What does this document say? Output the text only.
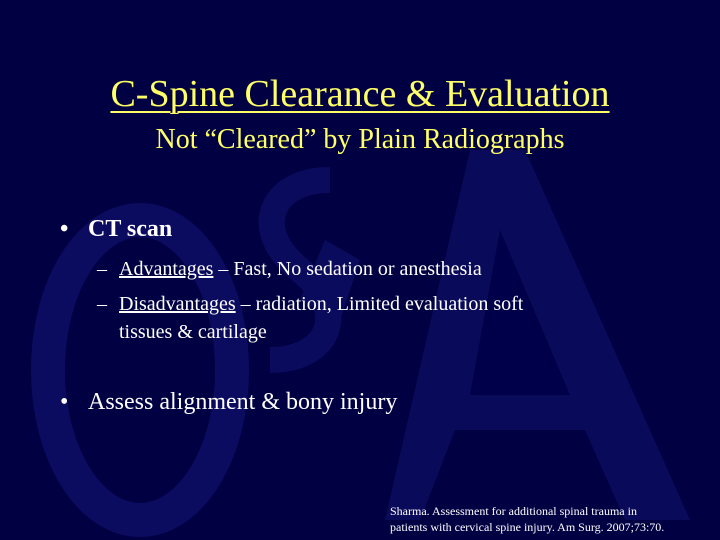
C-Spine Clearance & Evaluation
Not “Cleared” by Plain Radiographs
• CT scan
– Advantages – Fast, No sedation or anesthesia
– Disadvantages – radiation, Limited evaluation soft
tissues & cartilage
• Assess alignment & bony injury
Sharma. Assessment for additional spinal trauma in
patients with cervical spine injury. Am Surg. 2007;73:70.
